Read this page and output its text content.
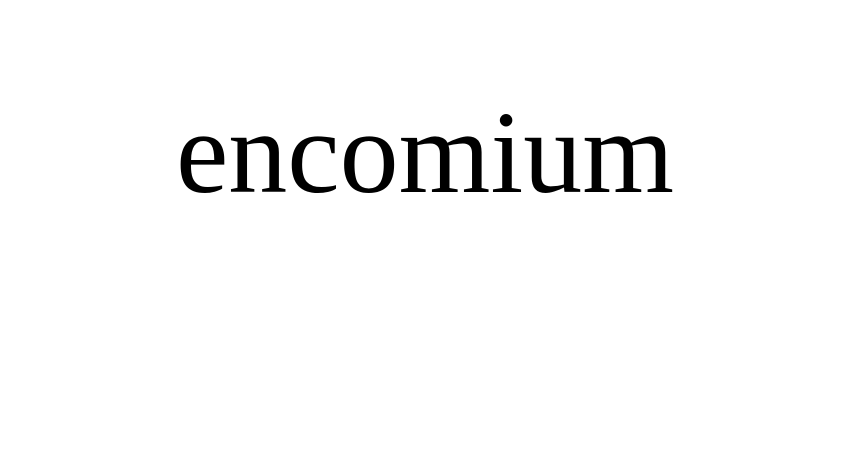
encomium
